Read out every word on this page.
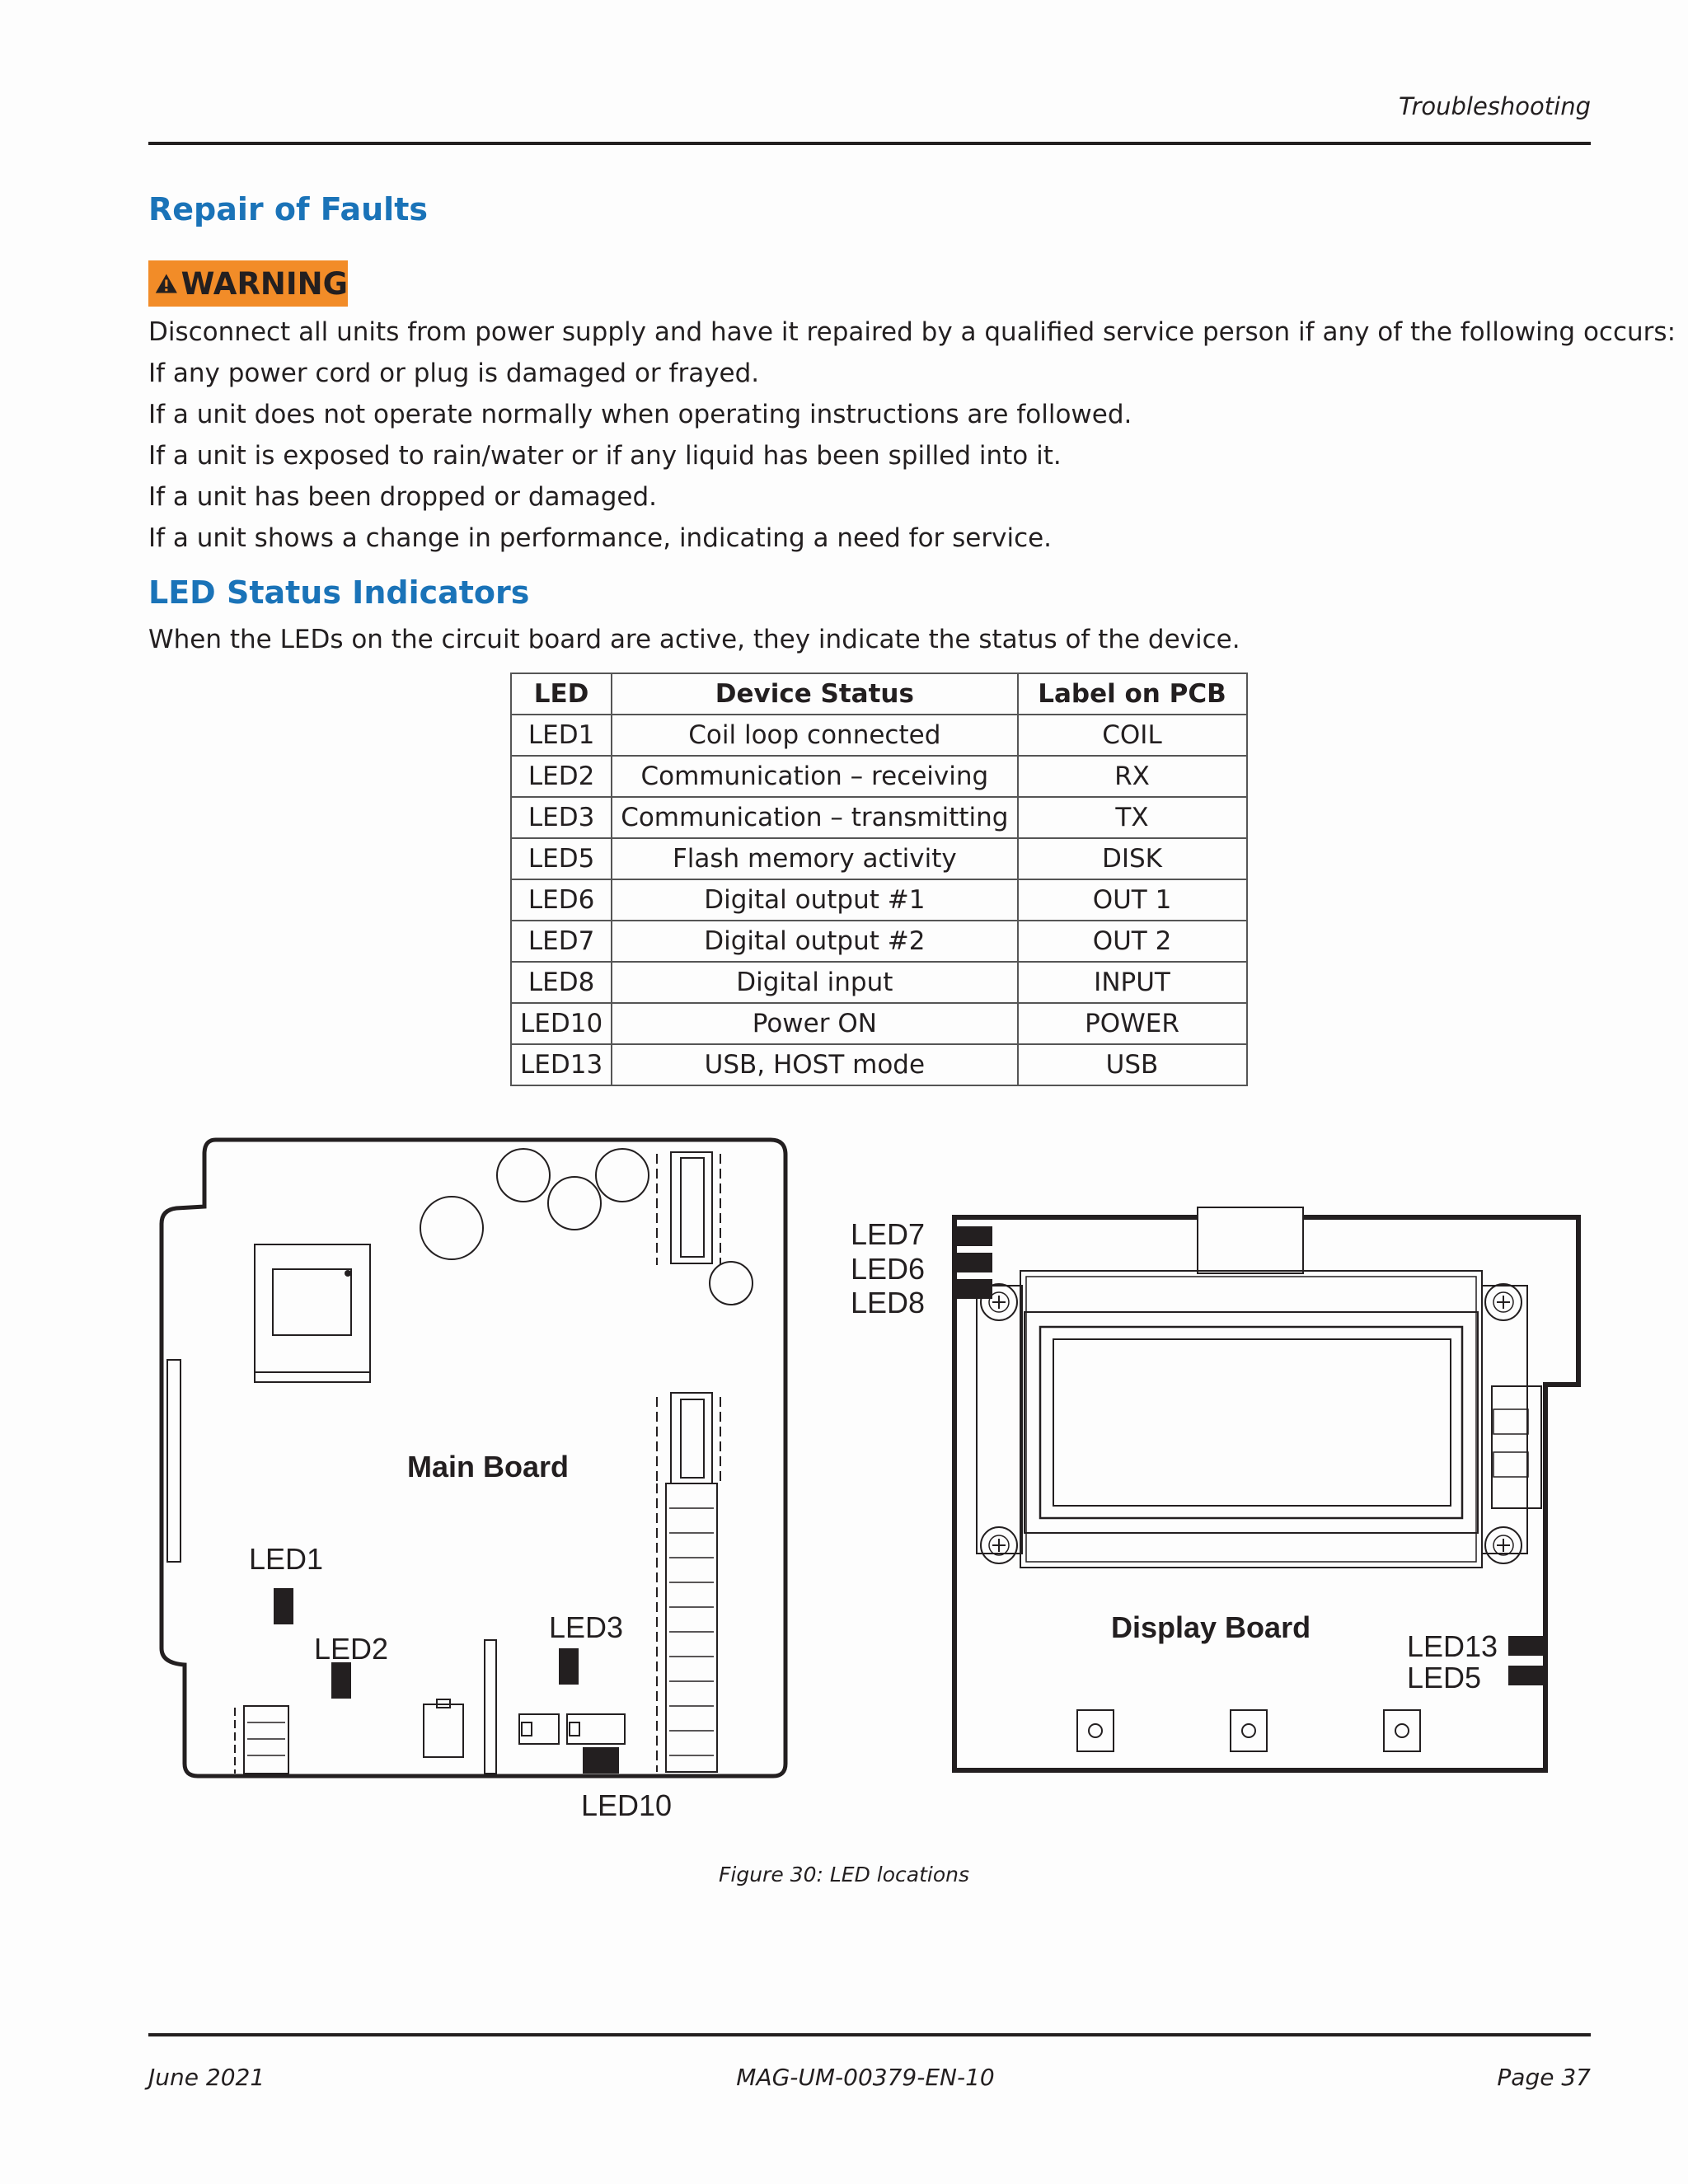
Troubleshooting
Repair of Faults
WARNING
Disconnect all units from power supply and have it repaired by a qualified service person if any of the following occurs:
If any power cord or plug is damaged or frayed.
If a unit does not operate normally when operating instructions are followed.
If a unit is exposed to rain/water or if any liquid has been spilled into it.
If a unit has been dropped or damaged.
If a unit shows a change in performance, indicating a need for service.
LED Status Indicators
When the LEDs on the circuit board are active, they indicate the status of the device.
LED	Device Status	Label on PCB
LED1	Coil loop connected	COIL
LED2	Communication – receiving	RX
LED3	Communication – transmitting	TX
LED5	Flash memory activity	DISK
LED6	Digital output #1	OUT 1
LED7	Digital output #2	OUT 2
LED8	Digital input	INPUT
LED10	Power ON	POWER
LED13	USB, HOST mode	USB
Main Board
LED1
LED2
LED3
LED10
LED7
LED6
LED8
Display Board
LED13
LED5
Figure 30: LED locations
June 2021	MAG-UM-00379-EN-10	Page 37
